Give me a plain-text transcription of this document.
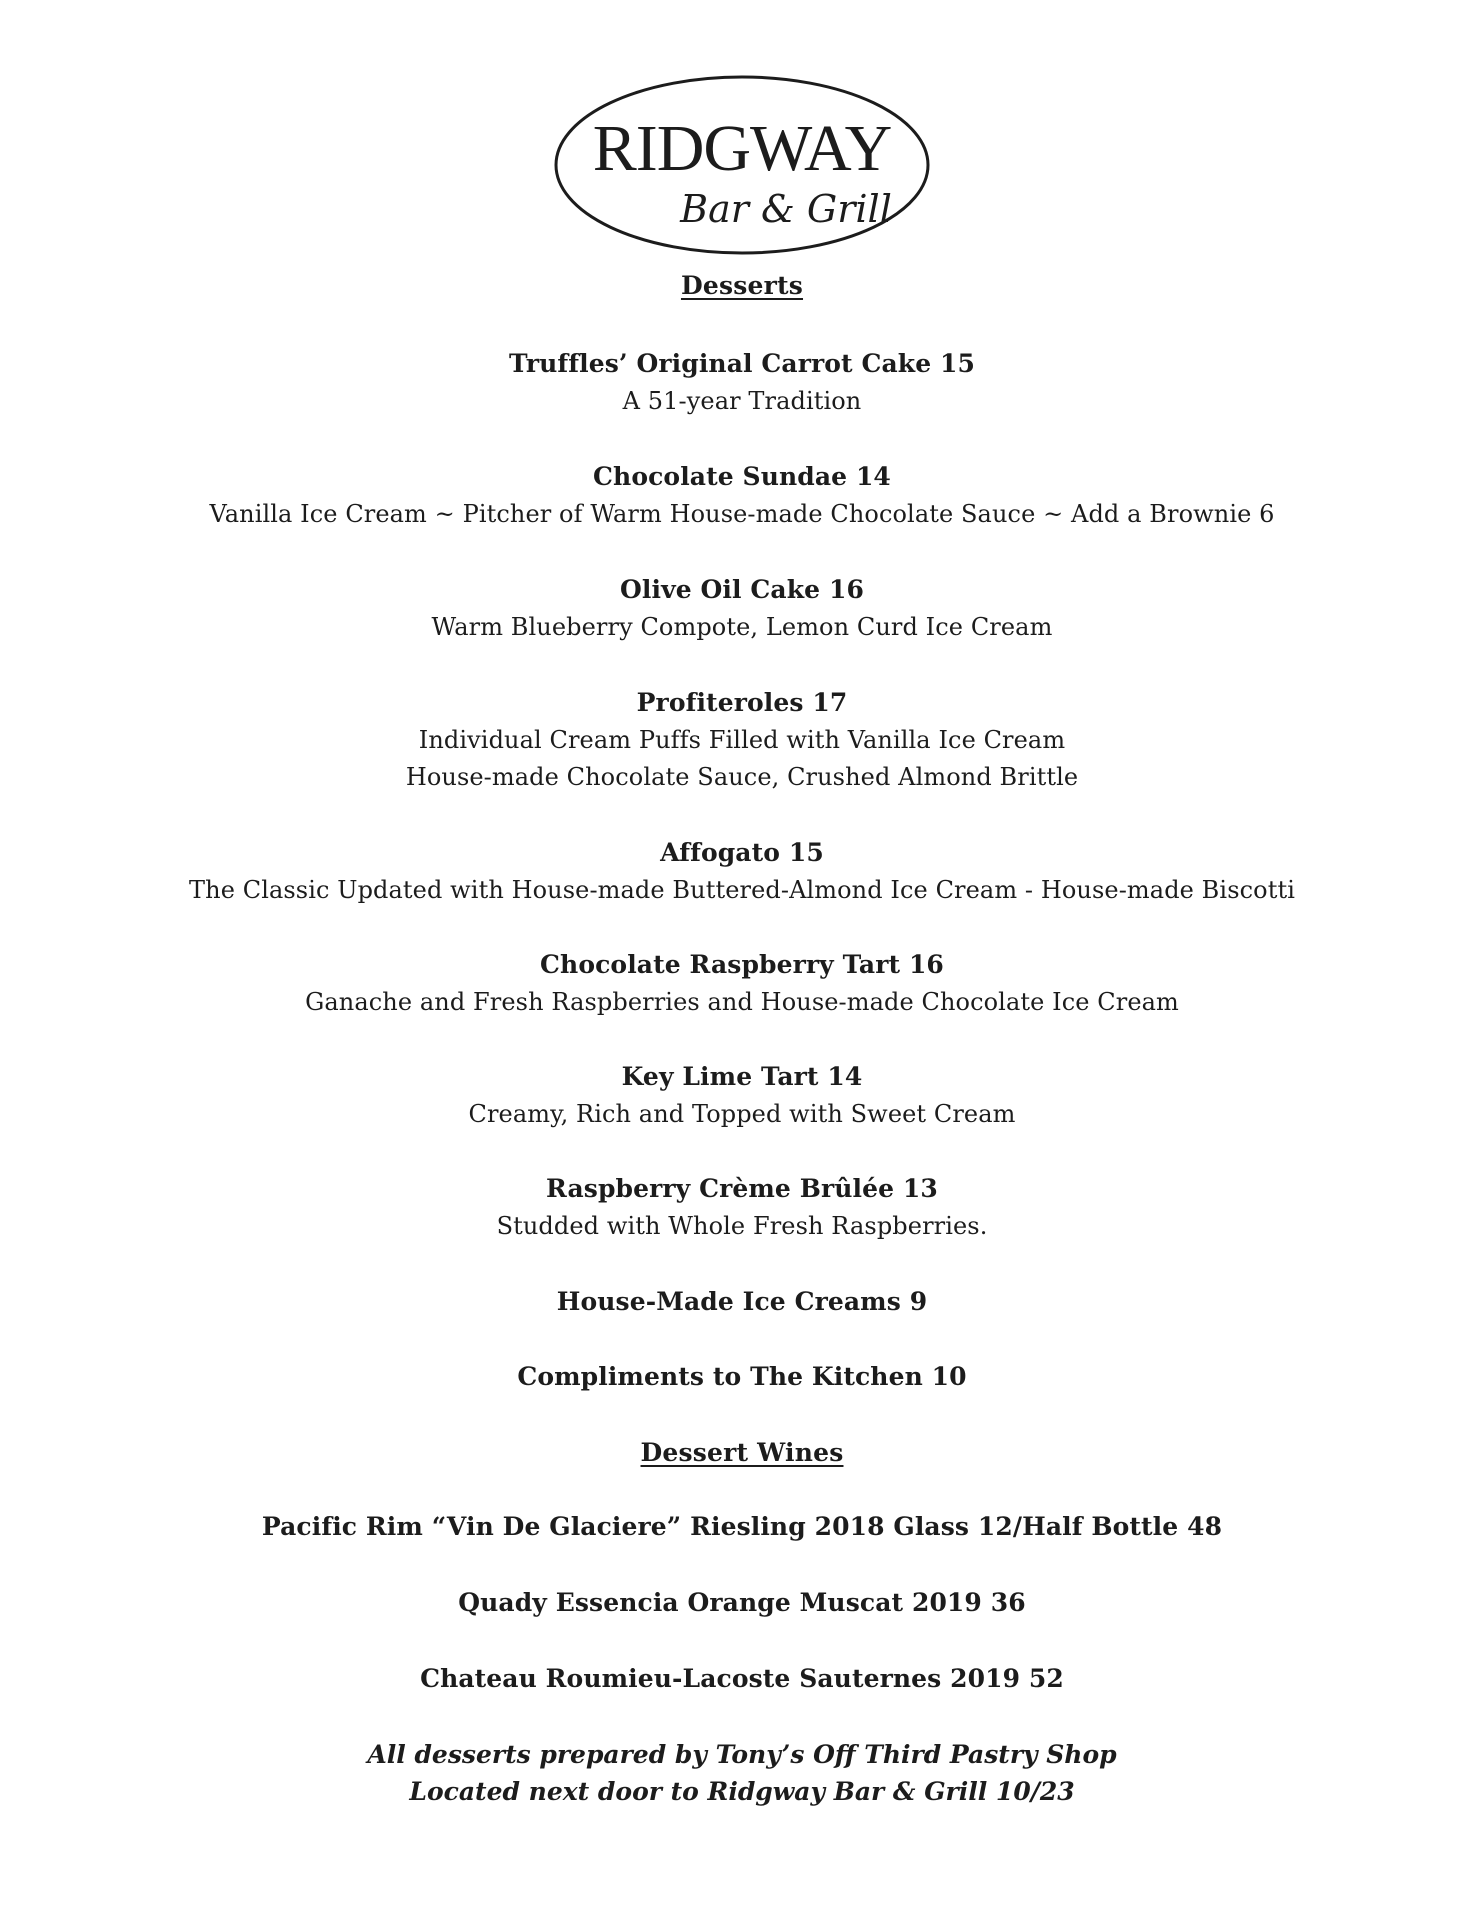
RIDGWAY
Bar & Grill
Desserts
Truffles’ Original Carrot Cake 15
A 51-year Tradition
Chocolate Sundae 14
Vanilla Ice Cream ~ Pitcher of Warm House-made Chocolate Sauce ~ Add a Brownie 6
Olive Oil Cake 16
Warm Blueberry Compote, Lemon Curd Ice Cream
Profiteroles 17
Individual Cream Puffs Filled with Vanilla Ice Cream
House-made Chocolate Sauce, Crushed Almond Brittle
Affogato 15
The Classic Updated with House-made Buttered-Almond Ice Cream - House-made Biscotti
Chocolate Raspberry Tart 16
Ganache and Fresh Raspberries and House-made Chocolate Ice Cream
Key Lime Tart 14
Creamy, Rich and Topped with Sweet Cream
Raspberry Crème Brûlée 13
Studded with Whole Fresh Raspberries.
House-Made Ice Creams 9
Compliments to The Kitchen 10
Dessert Wines
Pacific Rim “Vin De Glaciere” Riesling 2018 Glass 12/Half Bottle 48
Quady Essencia Orange Muscat 2019 36
Chateau Roumieu-Lacoste Sauternes 2019 52
All desserts prepared by Tony’s Off Third Pastry Shop
Located next door to Ridgway Bar & Grill 10/23
